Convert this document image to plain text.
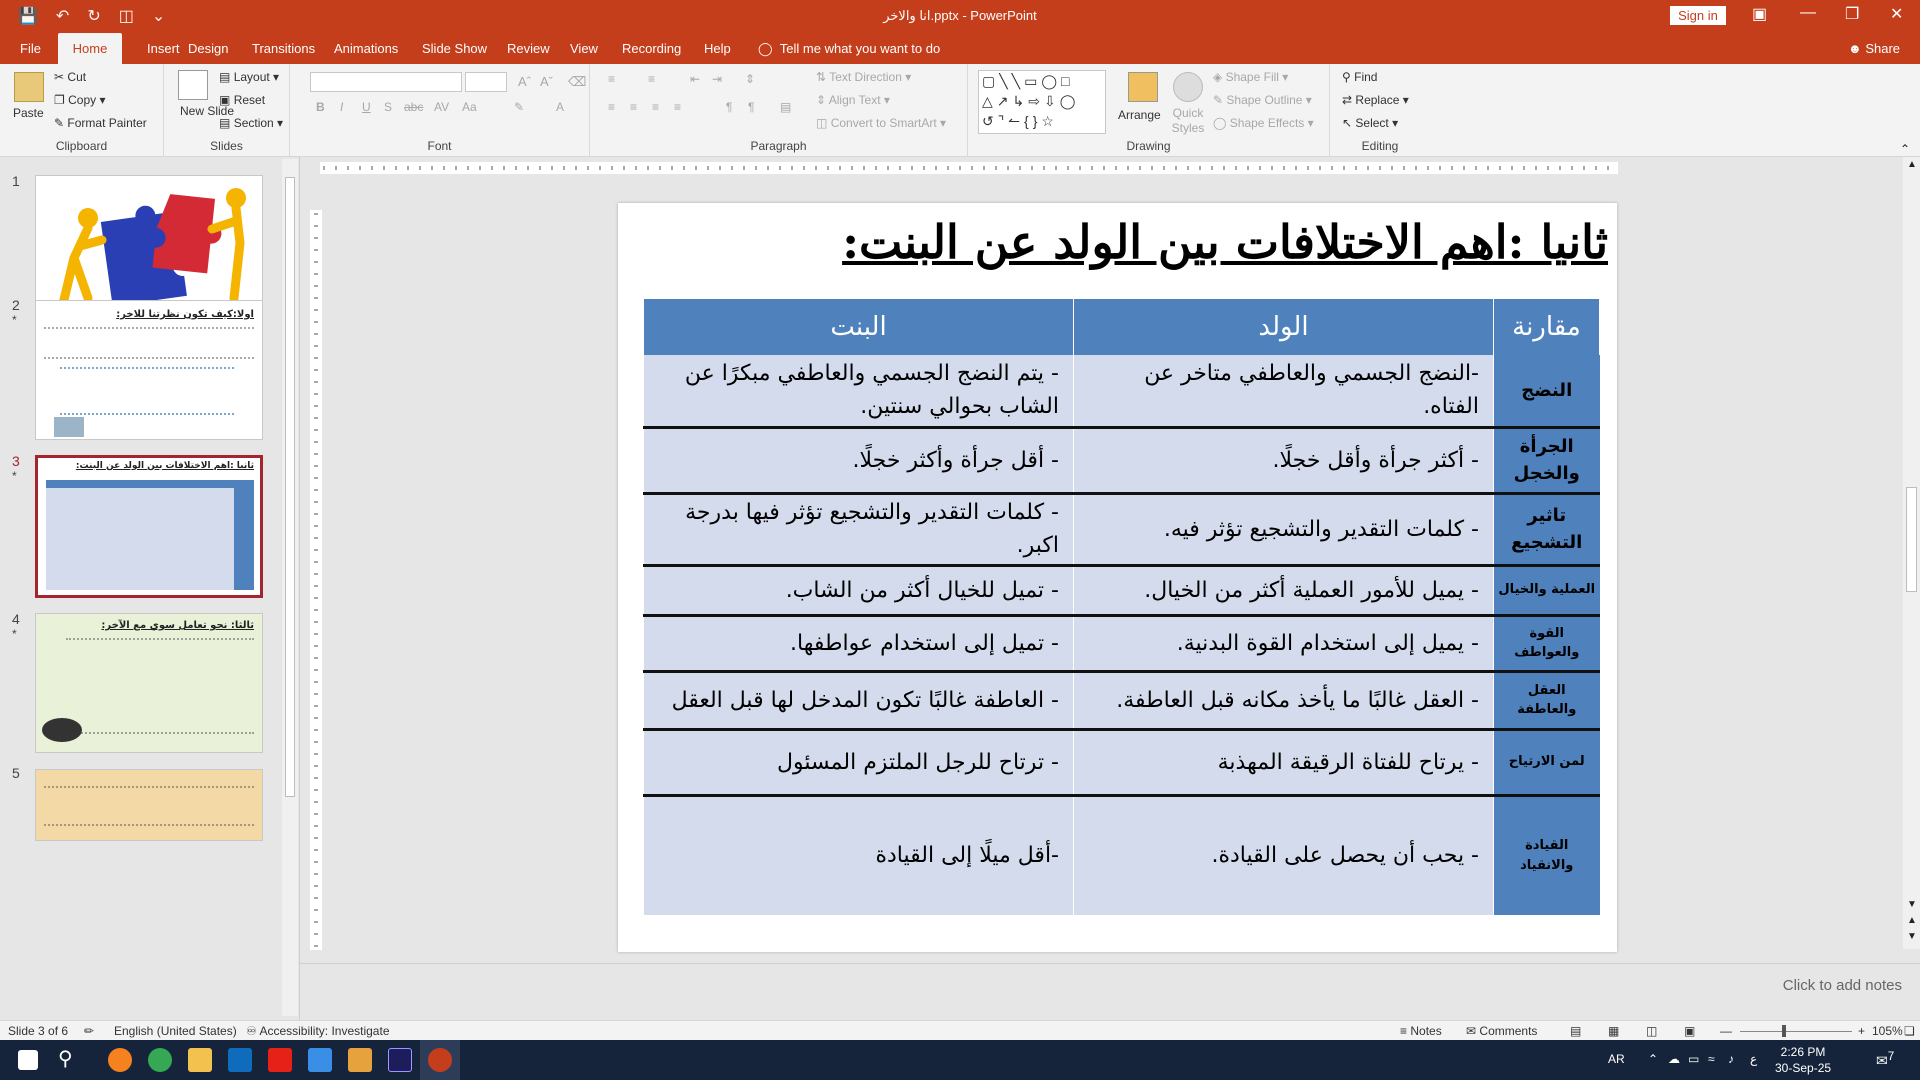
💾 ↶ ↻ ◫ ⌄	انا والاخر.pptx - PowerPoint	Sign in	▣ — ❐ ✕
File	Insert Design Transitions Animations Slide Show Review View Recording Help ◯ Tell me what you want to do	☻ Share
Home
Paste
✂ Cut
❐ Copy ▾
✎ Format Painter
Clipboard
New Slide
▤ Layout ▾
▣ Reset
▤ Section ▾
Slides
Aˆ Aˇ ⌫
B I U S abc AV Aa	✎	A
Font
≡	≡	⇤ ⇥ ⇕
≡ ≡ ≡ ≡	¶ ¶ ▤
⇅ Text Direction ▾
⇕ Align Text ▾
◫ Convert to SmartArt ▾
Paragraph
▢╲╲▭◯□
△↗↳⇨⇩◯
↺⌝↼{}☆	Arrange Quick Styles
◈ Shape Fill ▾
✎ Shape Outline ▾
◯ Shape Effects ▾
Drawing
⚲ Find
⇄ Replace ▾
↖ Select ▾
Editing	⌃
1
2
*	اولا:كيف تكون نظرتنا للاخر:
3
*
ثانيا :اهم الاختلافات بين الولد عن البنت:
4
*
ثالثا: نحو تعامل سوي مع الآخر:
5
ثانيا :اهم الاختلافات بين الولد عن البنت:
مقارنة	الولد	البنت
النضج	-النضج الجسمي والعاطفي متاخر عن الفتاه.	- يتم النضج الجسمي والعاطفي مبكرًا عن الشاب بحوالي سنتين.
الجرأة والخجل	- أكثر جرأة وأقل خجلًا.	- أقل جرأة وأكثر خجلًا.
تاثير التشجيع	- كلمات التقدير والتشجيع تؤثر فيه.	- كلمات التقدير والتشجيع تؤثر فيها بدرجة اكبر.
العملية والخيال	- يميل للأمور العملية أكثر من الخيال.	- تميل للخيال أكثر من الشاب.
القوة والعواطف	- يميل إلى استخدام القوة البدنية.	- تميل إلى استخدام عواطفها.
العقل والعاطفة	- العقل غالبًا ما يأخذ مكانه قبل العاطفة.	- العاطفة غالبًا تكون المدخل لها قبل العقل
لمن الارتياح	- يرتاح للفتاة الرقيقة المهذبة	- ترتاح للرجل الملتزم المسئول
القيادة والانقياد	- يحب أن يحصل على القيادة.	-أقل ميلًا إلى القيادة
▲
▼
▲
▼
Click to add notes
Slide 3 of 6 ✏ English (United States) ♾ Accessibility: Investigate	≡ Notes ✉ Comments	▤ ▦ ◫ ▣ —	+ 105% ❏
⚲	AR ⌃ ☁ ▭ ≈ ♪ ع	2:26 PM
30-Sep-25	✉$^7$
